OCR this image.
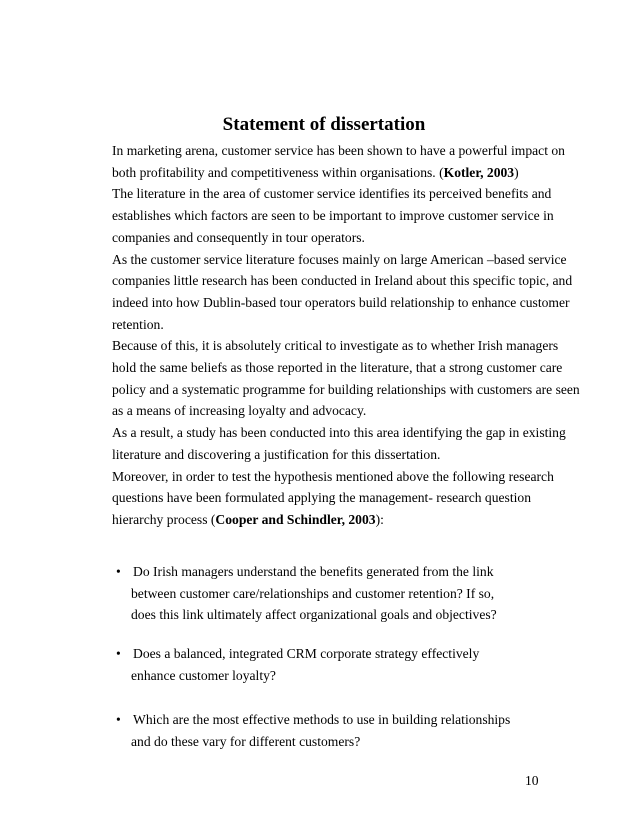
Statement of dissertation
In marketing arena, customer service has been shown to have a powerful impact on
both profitability and competitiveness within organisations. (Kotler, 2003)
The literature in the area of customer service identifies its perceived benefits and
establishes which factors are seen to be important to improve customer service in
companies and consequently in tour operators.
As the customer service literature focuses mainly on large American –based service
companies little research has been conducted in Ireland about this specific topic, and
indeed into how Dublin-based tour operators build relationship to enhance customer
retention.
Because of this, it is absolutely critical to investigate as to whether Irish managers
hold the same beliefs as those reported in the literature, that a strong customer care
policy and a systematic programme for building relationships with customers are seen
as a means of increasing loyalty and advocacy.
As a result, a study has been conducted into this area identifying the gap in existing
literature and discovering a justification for this dissertation.
Moreover, in order to test the hypothesis mentioned above the following research
questions have been formulated applying the management- research question
hierarchy process (Cooper and Schindler, 2003):
• Do Irish managers understand the benefits generated from the link
between customer care/relationships and customer retention? If so,
does this link ultimately affect organizational goals and objectives?
• Does a balanced, integrated CRM corporate strategy effectively
enhance customer loyalty?
• Which are the most effective methods to use in building relationships
and do these vary for different customers?
10
